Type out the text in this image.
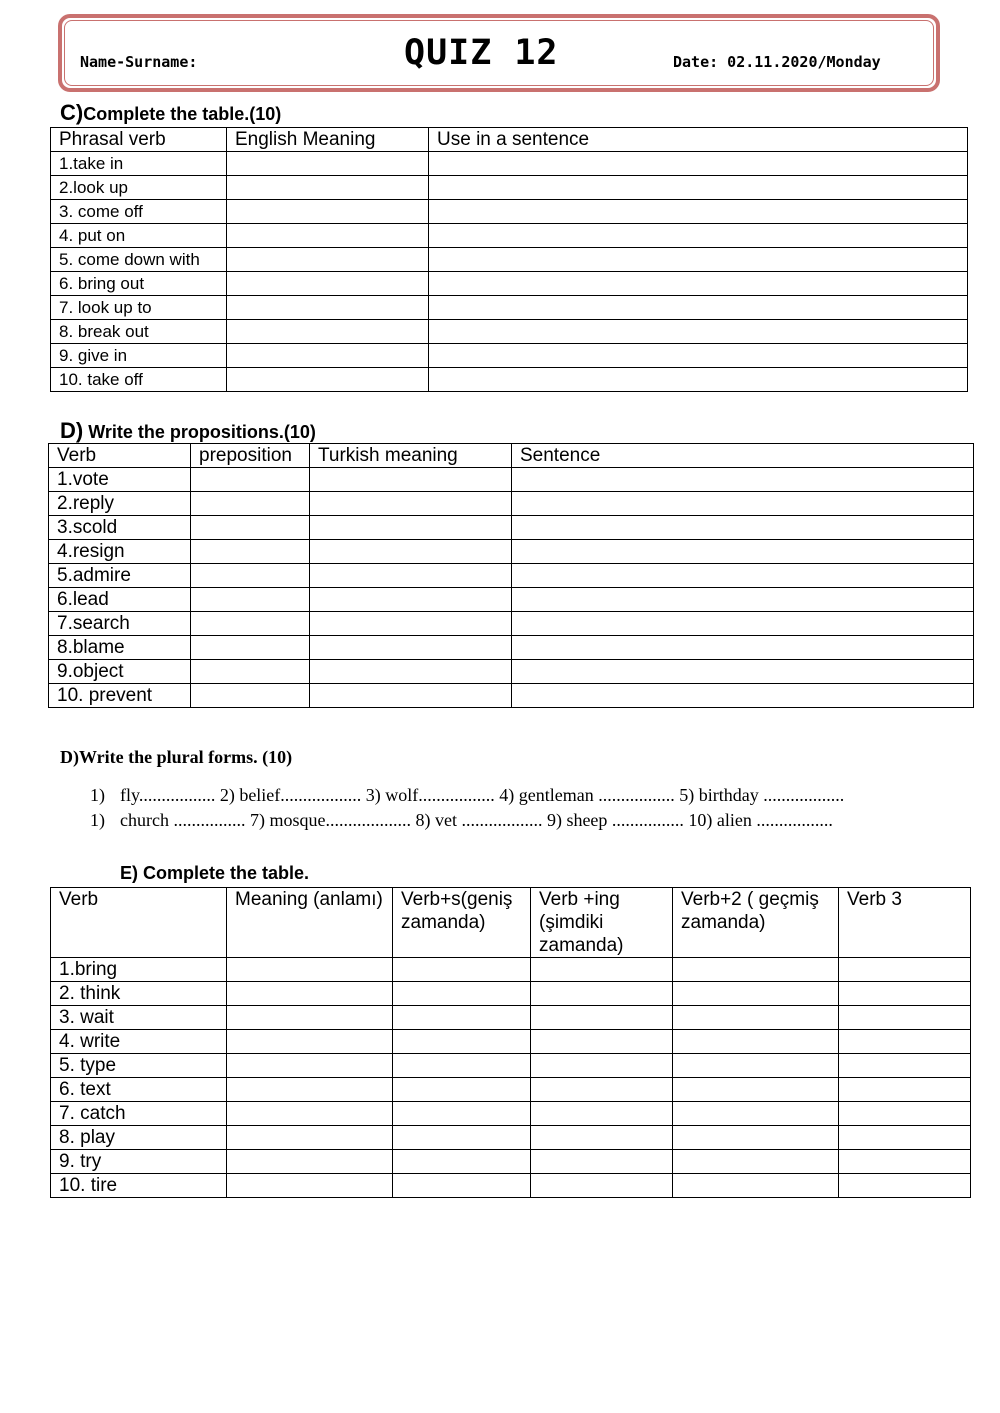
Name-Surname:	QUIZ 12	Date: 02.11.2020/Monday
C)Complete the table.(10)
Phrasal verb	English Meaning	Use in a sentence
1.take in		
2.look up		
3. come off		
4. put on		
5. come down with		
6. bring out		
7. look up to		
8. break out		
9. give in		
10. take off		
D) Write the propositions.(10)
Verb	preposition	Turkish meaning	Sentence
1.vote			
2.reply			
3.scold			
4.resign			
5.admire			
6.lead			
7.search			
8.blame			
9.object			
10. prevent			
D)Write the plural forms. (10)
1) fly................. 2) belief.................. 3) wolf................. 4) gentleman ................. 5) birthday ..................
1) church ................ 7) mosque................... 8) vet .................. 9) sheep ................ 10) alien .................
E) Complete the table.
Verb	Meaning (anlamı)	Verb+s(geniş zamanda)	Verb +ing (şimdiki zamanda)	Verb+2 ( geçmiş zamanda)	Verb 3
1.bring					
2. think					
3. wait					
4. write					
5. type					
6. text					
7. catch					
8. play					
9. try					
10. tire					
